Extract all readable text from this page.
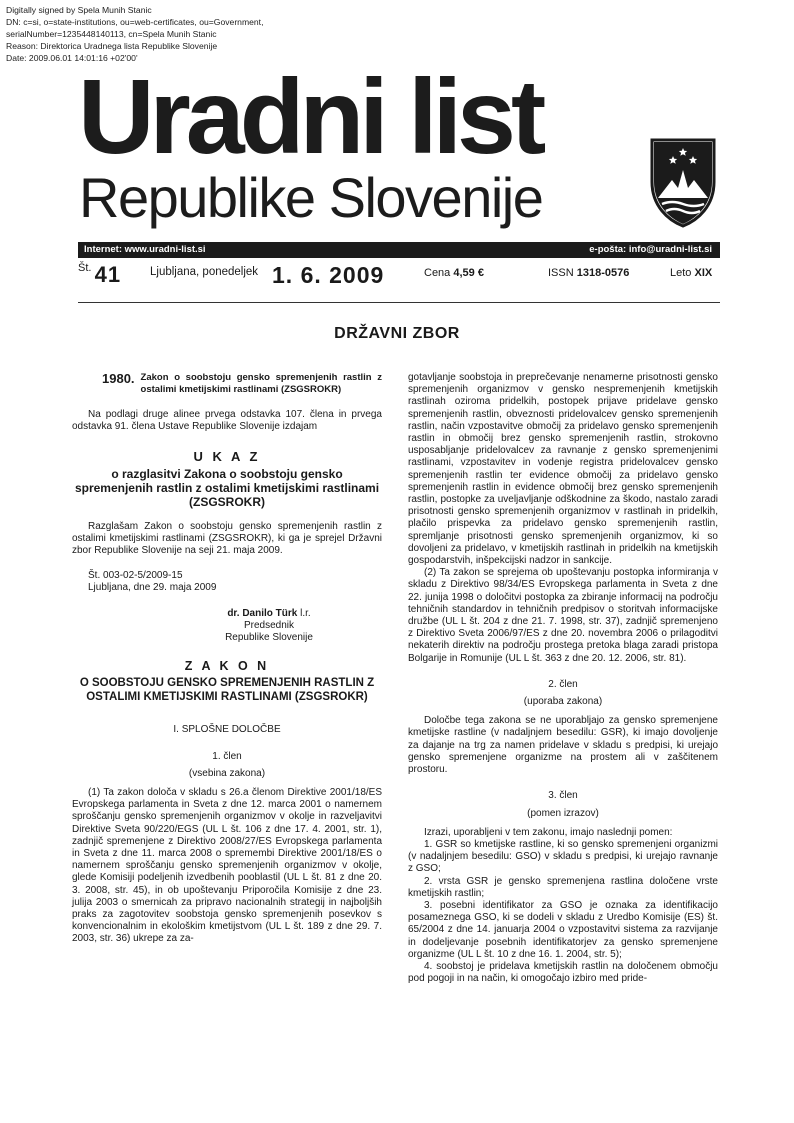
Digitally signed by Spela Munih Stanic
DN: c=si, o=state-institutions, ou=web-certificates, ou=Government,
serialNumber=1235448140113, cn=Spela Munih Stanic
Reason: Direktorica Uradnega lista Republike Slovenije
Date: 2009.06.01 14:01:16 +02'00'
Uradni list
Republike Slovenije
Internet: www.uradni-list.si	e-pošta: info@uradni-list.si
Št. 41	Ljubljana, ponedeljek 1. 6. 2009	Cena 4,59 €	ISSN 1318-0576	Leto XIX
DRŽAVNI ZBOR
1980. Zakon o soobstoju gensko spremenjenih rastlin z ostalimi kmetijskimi rastlinami (ZSGSROKR)

Na podlagi druge alinee prvega odstavka 107. člena in prvega odstavka 91. člena Ustave Republike Slovenije izdajam

U K A Z

o razglasitvi Zakona o soobstoju gensko spremenjenih rastlin z ostalimi kmetijskimi rastlinami (ZSGSROKR)

Razglašam Zakon o soobstoju gensko spremenjenih rastlin z ostalimi kmetijskimi rastlinami (ZSGSROKR), ki ga je sprejel Državni zbor Republike Slovenije na seji 21. maja 2009.

Št. 003-02-5/2009-15

Ljubljana, dne 29. maja 2009

dr. Danilo Türk l.r.

Predsednik

Republike Slovenije

Z A K O N

O SOOBSTOJU GENSKO SPREMENJENIH RASTLIN Z OSTALIMI KMETIJSKIMI RASTLINAMI (ZSGSROKR)

I. SPLOŠNE DOLOČBE

1. člen

(vsebina zakona)

(1) Ta zakon določa v skladu s 26.a členom Direktive 2001/18/ES Evropskega parlamenta in Sveta z dne 12. marca 2001 o namernem sproščanju gensko spremenjenih organizmov v okolje in razveljavitvi Direktive Sveta 90/220/EGS (UL L št. 106 z dne 17. 4. 2001, str. 1), zadnjič spremenjene z Direktivo 2008/27/ES Evropskega parlamenta in Sveta z dne 11. marca 2008 o spremembi Direktive 2001/18/ES o namernem sproščanju gensko spremenjenih organizmov v okolje, glede Komisiji podeljenih izvedbenih pooblastil (UL L št. 81 z dne 20. 3. 2008, str. 45), in ob upoštevanju Priporočila Komisije z dne 23. julija 2003 o smernicah za pripravo nacionalnih strategij in najboljših praks za zagotovitev soobstoja gensko spremenjenih posevkov s konvencionalnim in ekološkim kmetijstvom (UL L št. 189 z dne 29. 7. 2003, str. 36) ukrepe za za-

gotavljanje soobstoja in preprečevanje nenamerne prisotnosti gensko spremenjenih organizmov v gensko nespremenjenih kmetijskih rastlinah oziroma pridelkih, postopek prijave pridelave gensko spremenjenih rastlin, obveznosti pridelovalcev gensko spremenjenih rastlin, način vzpostavitve območij za pridelavo gensko spremenjenih rastlin in območij brez gensko spremenjenih rastlin, strokovno usposabljanje pridelovalcev za ravnanje z gensko spremenjenimi rastlinami, vzpostavitev in vodenje registra pridelovalcev gensko spremenjenih rastlin ter evidence območij za pridelavo gensko spremenjenih rastlin in evidence območij brez gensko spremenjenih rastlin, postopke za uveljavljanje odškodnine za škodo, nastalo zaradi prisotnosti gensko spremenjenih organizmov v rastlinah in pridelkih, plačilo prispevka za pridelavo gensko spremenjenih rastlin, spremljanje prisotnosti gensko spremenjenih organizmov, ki so dovoljeni za pridelavo, v kmetijskih rastlinah in pridelkih na kmetijskih gospodarstvih, inšpekcijski nadzor in sankcije.

(2) Ta zakon se sprejema ob upoštevanju postopka informiranja v skladu z Direktivo 98/34/ES Evropskega parlamenta in Sveta z dne 22. junija 1998 o določitvi postopka za zbiranje informacij na področju tehničnih standardov in tehničnih predpisov o storitvah informacijske družbe (UL L št. 204 z dne 21. 7. 1998, str. 37), zadnjič spremenjeno z Direktivo Sveta 2006/97/ES z dne 20. novembra 2006 o prilagoditvi nekaterih direktiv na področju prostega pretoka blaga zaradi pristopa Bolgarije in Romunije (UL L št. 363 z dne 20. 12. 2006, str. 81).

2. člen

(uporaba zakona)

Določbe tega zakona se ne uporabljajo za gensko spremenjene kmetijske rastline (v nadaljnjem besedilu: GSR), ki imajo dovoljenje za dajanje na trg za namen pridelave v skladu s predpisi, ki urejajo gensko spremenjene organizme na prostem ali v zaščitenem prostoru.

3. člen

(pomen izrazov)

Izrazi, uporabljeni v tem zakonu, imajo naslednji pomen:

1. GSR so kmetijske rastline, ki so gensko spremenjeni organizmi (v nadaljnjem besedilu: GSO) v skladu s predpisi, ki urejajo ravnanje z GSO;

2. vrsta GSR je gensko spremenjena rastlina določene vrste kmetijskih rastlin;

3. posebni identifikator za GSO je oznaka za identifikacijo posameznega GSO, ki se dodeli v skladu z Uredbo Komisije (ES) št. 65/2004 z dne 14. januarja 2004 o vzpostavitvi sistema za razvijanje in dodeljevanje posebnih identifikatorjev za gensko spremenjene organizme (UL L št. 10 z dne 16. 1. 2004, str. 5);

4. soobstoj je pridelava kmetijskih rastlin na določenem območju pod pogoji in na način, ki omogočajo izbiro med pride-
